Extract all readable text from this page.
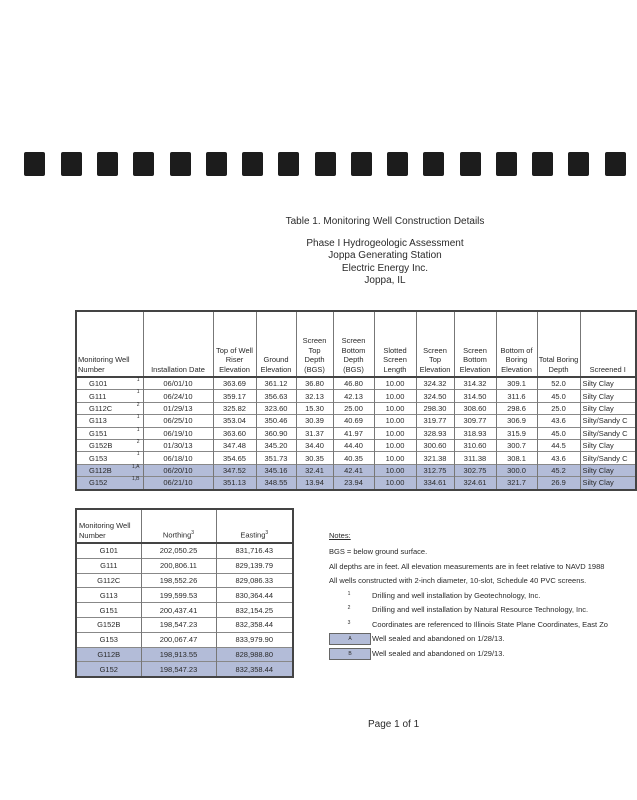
Table 1. Monitoring Well Construction Details
Phase I Hydrogeologic Assessment
Joppa Generating Station
Electric Energy Inc.
Joppa, IL
Monitoring Well Number	Installation Date	Top of Well Riser Elevation	Ground Elevation	Screen Top Depth (BGS)	Screen Bottom Depth (BGS)	Slotted Screen Length	Screen Top Elevation	Screen Bottom Elevation	Bottom of Boring Elevation	Total Boring Depth	Screened I
G101 1	06/01/10	363.69	361.12	36.80	46.80	10.00	324.32	314.32	309.1	52.0	Silty Clay
G111 1	06/24/10	359.17	356.63	32.13	42.13	10.00	324.50	314.50	311.6	45.0	Silty Clay
G112C 2	01/29/13	325.82	323.60	15.30	25.00	10.00	298.30	308.60	298.6	25.0	Silty Clay
G113 1	06/25/10	353.04	350.46	30.39	40.69	10.00	319.77	309.77	306.9	43.6	Silty/Sandy C
G151 1	06/19/10	363.60	360.90	31.37	41.97	10.00	328.93	318.93	315.9	45.0	Silty/Sandy C
G152B 2	01/30/13	347.48	345.20	34.40	44.40	10.00	300.60	310.60	300.7	44.5	Silty Clay
G153 1	06/18/10	354.65	351.73	30.35	40.35	10.00	321.38	311.38	308.1	43.6	Silty/Sandy C
G112B 1,A	06/20/10	347.52	345.16	32.41	42.41	10.00	312.75	302.75	300.0	45.2	Silty Clay
G152 1,B	06/21/10	351.13	348.55	13.94	23.94	10.00	334.61	324.61	321.7	26.9	Silty Clay
Monitoring Well Number	Northing$^3$	Easting$^3$
G101	202,050.25	831,716.43
G111	200,806.11	829,139.79
G112C	198,552.26	829,086.33
G113	199,599.53	830,364.44
G151	200,437.41	832,154.25
G152B	198,547.23	832,358.44
G153	200,067.47	833,979.90
G112B	198,913.55	828,988.80
G152	198,547.23	832,358.44
Notes:
BGS = below ground surface.
All depths are in feet. All elevation measurements are in feet relative to NAVD 1988
All wells constructed with 2-inch diameter, 10-slot, Schedule 40 PVC screens.
1	Drilling and well installation by Geotechnology, Inc.
2	Drilling and well installation by Natural Resource Technology, Inc.
3	Coordinates are referenced to Illinois State Plane Coordinates, East Zo
A	Well sealed and abandoned on 1/28/13.
B	Well sealed and abandoned on 1/29/13.
Page 1 of 1
